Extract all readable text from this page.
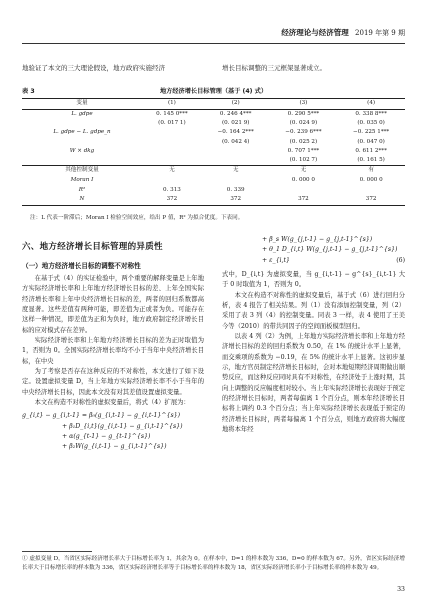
经济理论与经济管理 2019 年第 9 期
地验证了本文的三大理论假设，地方政府实施经济	增长目标调整的三元框架显著成立。
表 3	地方经济增长目标管理（基于 (4) 式）
变量	(1)	(2)	(3)	(4)
L. gdpe	0. 145 0***	0. 246 4***	0. 290 5***	0. 338 8***
	(0. 017 1)	(0. 021 9)	(0. 024 9)	(0. 035 0)
L. gdpe − L. gdpe_n		−0. 164 2***	−0. 239 6***	−0. 225 1***
		(0. 042 4)	(0. 025 2)	(0. 047 0)
W × dkg			0. 707 1***	0. 611 2***
			(0. 102 7)	(0. 161 5)
其他控制变量	无	无	无	有
Moran I			0. 000 0	0. 000 0
R²	0. 313	0. 339		
N	372	372	372	372
注：L 代表一阶滞后；Moran I 检验空间效应，给出 P 值，R² 为拟合优度。下表同。
六、地方经济增长目标管理的异质性
（一）地方经济增长目标的调整不对称性

在基于式（4）的实证检验中，两个重要的解释变量是上年地方实际经济增长率和上年地方经济增长目标的差、上年全国实际经济增长率和上年中央经济增长目标的差，两者的回归系数都高度显著。这些差值有两种可能，即差值为正或者为负。可能存在这样一种情况，即差值为正和为负时，地方政府制定经济增长目标的应对模式存在差异。

实际经济增长率和上年地方经济增长目标的差为正时取值为 1，否则为 0。全国实际经济增长率均不小于当年中央经济增长目标，在中央

为了考察是否存在这种反应的不对称性，本文进行了如下设定。设置虚拟变量 D，当上年地方实际经济增长率不小于当年的中央经济增长目标，因此本文没有对其差值设置虚拟变量。

本文在构造不对称性的虚拟变量后，将式（4）扩展为：

g_{i,t} − g_{i,t-1} = β₀(g_{i,t-1} − g_{i,t-1}^{s})
+ β₁D_{i,t}(g_{i,t-1} − g_{i,t-1}^{s})
+ α(g_{t-1} − g_{t-1}^{s})
+ β₂W(g_{i,t-1} − g_{i,t-1}^{s})
+ β_s W(g_{j,t-1} − g_{j,t-1}^{s})
+ θ_1 D_{i,t} W(g_{j,t-1} − g_{j,t-1}^{s})
+ ε_{i,t}	(6)

式中，D_{i,t} 为虚拟变量，当 g_{i,t-1} − g^{s}_{i,t-1} 大于 0 时取值为 1，否则为 0。

本文在构造不对称性的虚拟变量后，基于式（6）进行回归分析，表 4 报告了相关结果。列（1）没有添加控制变量，列（2）采用了表 3 列（4）的控制变量。同表 3 一样，表 4 使用了王美今等（2010）的带共同因子的空间面板模型回归。

以表 4 列（2）为例，上年地方实际经济增长率和上年地方经济增长目标的差的回归系数为 0.50，在 1% 的统计水平上显著，而交乘项的系数为 −0.19，在 5% 的统计水平上显著。这初步显示，地方官员制定经济增长目标时，会对本地短期经济周期做出顺势反应，而这种反应同时具有不对称性，在经济处于上涨时期，其向上调整的反应幅度相对较小。当上年实际经济增长表现好于预定的经济增长目标时，两者每偏离 1 个百分点，则本年经济增长目标将上调约 0.3 个百分点；当上年实际经济增长表现低于预定的经济增长目标时，两者每偏离 1 个百分点，则地方政府将大幅度地将本年经

① 虚拟变量 D，当省区实际经济增长率大于目标增长率为 1，其余为 0。在样本中，D=1 的样本数为 336，D=0 的样本数为 67。另外，省区实际经济增长率大于目标增长率的样本数为 336，省区实际经济增长率等于目标增长率的样本数为 18，省区实际经济增长率小于目标增长率的样本数为 49。
33
